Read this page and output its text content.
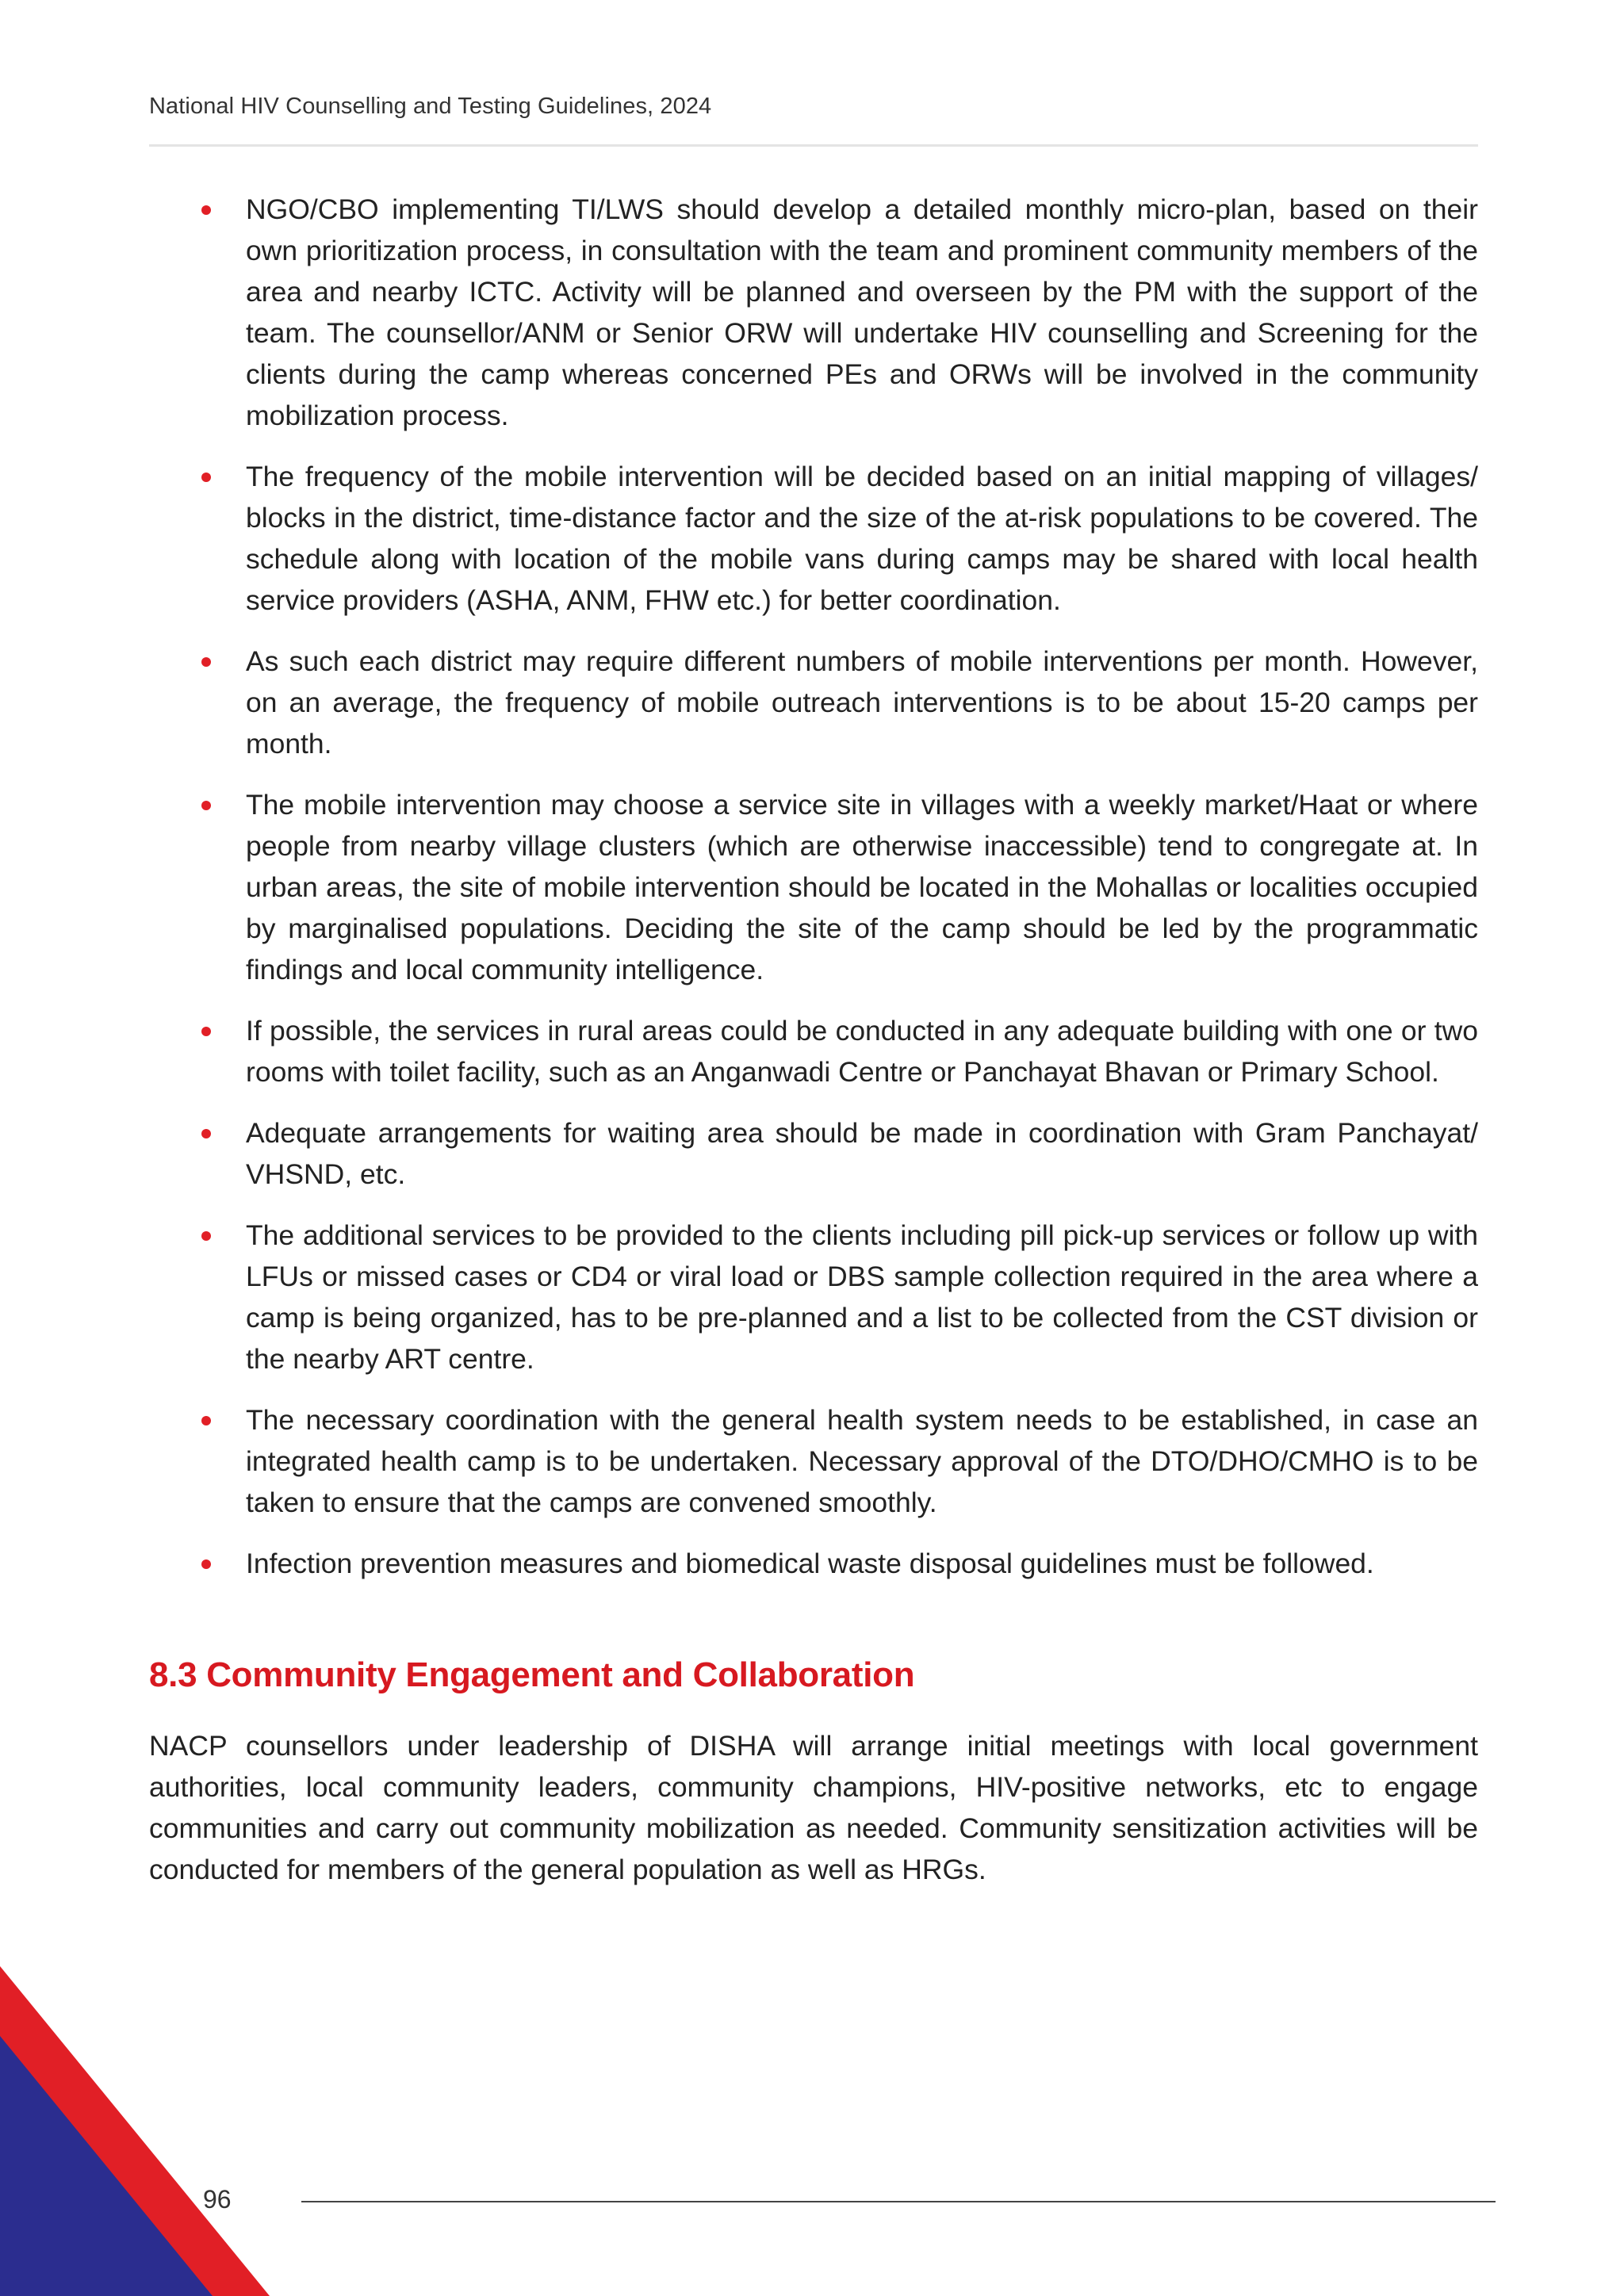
National HIV Counselling and Testing Guidelines, 2024
NGO/CBO implementing TI/LWS should develop a detailed monthly micro-plan, based on their own prioritization process, in consultation with the team and prominent community members of the area and nearby ICTC. Activity will be planned and overseen by the PM with the support of the team. The counsellor/ANM or Senior ORW will undertake HIV counselling and Screening for the clients during the camp whereas concerned PEs and ORWs will be involved in the community mobilization process.
The frequency of the mobile intervention will be decided based on an initial mapping of villages/ blocks in the district, time-distance factor and the size of the at-risk populations to be covered. The schedule along with location of the mobile vans during camps may be shared with local health service providers (ASHA, ANM, FHW etc.) for better coordination.
As such each district may require different numbers of mobile interventions per month. However, on an average, the frequency of mobile outreach interventions is to be about 15-20 camps per month.
The mobile intervention may choose a service site in villages with a weekly market/Haat or where people from nearby village clusters (which are otherwise inaccessible) tend to congregate at. In urban areas, the site of mobile intervention should be located in the Mohallas or localities occupied by marginalised populations. Deciding the site of the camp should be led by the programmatic findings and local community intelligence.
If possible, the services in rural areas could be conducted in any adequate building with one or two rooms with toilet facility, such as an Anganwadi Centre or Panchayat Bhavan or Primary School.
Adequate arrangements for waiting area should be made in coordination with Gram Panchayat/ VHSND, etc.
The additional services to be provided to the clients including pill pick-up services or follow up with LFUs or missed cases or CD4 or viral load or DBS sample collection required in the area where a camp is being organized, has to be pre-planned and a list to be collected from the CST division or the nearby ART centre.
The necessary coordination with the general health system needs to be established, in case an integrated health camp is to be undertaken. Necessary approval of the DTO/DHO/CMHO is to be taken to ensure that the camps are convened smoothly.
Infection prevention measures and biomedical waste disposal guidelines must be followed.
8.3 Community Engagement and Collaboration

NACP counsellors under leadership of DISHA will arrange initial meetings with local government authorities, local community leaders, community champions, HIV-positive networks, etc to engage communities and carry out community mobilization as needed. Community sensitization activities will be conducted for members of the general population as well as HRGs.

96
